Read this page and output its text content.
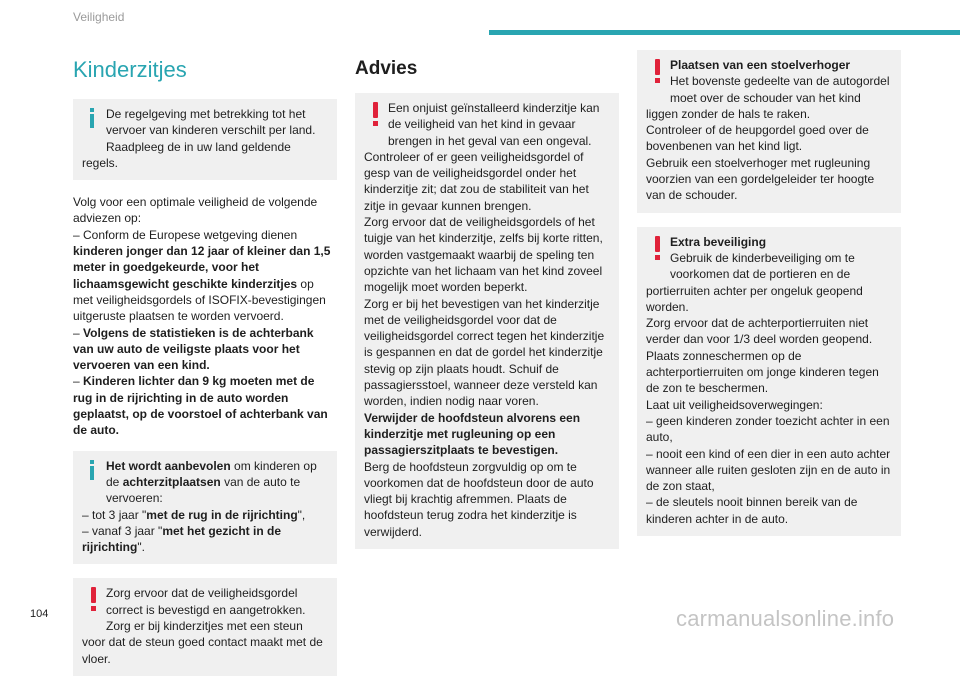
Veiligheid
Kinderzitjes

De regelgeving met betrekking tot het vervoer van kinderen verschilt per land.

Raadpleeg de in uw land geldende regels.

Volg voor een optimale veiligheid de volgende adviezen op:

– Conform de Europese wetgeving dienen kinderen jonger dan 12 jaar of kleiner dan 1,5 meter in goedgekeurde, voor het lichaamsgewicht geschikte kinderzitjes op met veiligheidsgordels of ISOFIX-bevestigingen uitgeruste plaatsen te worden vervoerd.

– Volgens de statistieken is de achterbank van uw auto de veiligste plaats voor het vervoeren van een kind.

– Kinderen lichter dan 9 kg moeten met de rug in de rijrichting in de auto worden geplaatst, op de voorstoel of achterbank van de auto.

Het wordt aanbevolen om kinderen op de achterzitplaatsen van de auto te vervoeren:

– tot 3 jaar "met de rug in de rijrichting",

– vanaf 3 jaar "met het gezicht in de rijrichting".

Zorg ervoor dat de veiligheidsgordel correct is bevestigd en aangetrokken.

Zorg er bij kinderzitjes met een steun voor dat de steun goed contact maakt met de vloer.

Advies

Een onjuist geïnstalleerd kinderzitje kan de veiligheid van het kind in gevaar brengen in het geval van een ongeval.

Controleer of er geen veiligheidsgordel of gesp van de veiligheidsgordel onder het kinderzitje zit; dat zou de stabiliteit van het zitje in gevaar kunnen brengen.

Zorg ervoor dat de veiligheidsgordels of het tuigje van het kinderzitje, zelfs bij korte ritten, worden vastgemaakt waarbij de speling ten opzichte van het lichaam van het kind zoveel mogelijk moet worden beperkt.

Zorg er bij het bevestigen van het kinderzitje met de veiligheidsgordel voor dat de veiligheidsgordel correct tegen het kinderzitje is gespannen en dat de gordel het kinderzitje stevig op zijn plaats houdt. Schuif de passagiersstoel, wanneer deze versteld kan worden, indien nodig naar voren.

Verwijder de hoofdsteun alvorens een kinderzitje met rugleuning op een passagierszitplaats te bevestigen.

Berg de hoofdsteun zorgvuldig op om te voorkomen dat de hoofdsteun door de auto vliegt bij krachtig afremmen. Plaats de hoofdsteun terug zodra het kinderzitje is verwijderd.

Plaatsen van een stoelverhoger

Het bovenste gedeelte van de autogordel moet over de schouder van het kind liggen zonder de hals te raken.

Controleer of de heupgordel goed over de bovenbenen van het kind ligt.

Gebruik een stoelverhoger met rugleuning voorzien van een gordelgeleider ter hoogte van de schouder.

Extra beveiliging

Gebruik de kinderbeveiliging om te voorkomen dat de portieren en de portierruiten achter per ongeluk geopend worden.

Zorg ervoor dat de achterportierruiten niet verder dan voor 1/3 deel worden geopend.

Plaats zonneschermen op de achterportierruiten om jonge kinderen tegen de zon te beschermen.

Laat uit veiligheidsoverwegingen:

– geen kinderen zonder toezicht achter in een auto,

– nooit een kind of een dier in een auto achter wanneer alle ruiten gesloten zijn en de auto in de zon staat,

– de sleutels nooit binnen bereik van de kinderen achter in de auto.

104	carmanualsonline.info
